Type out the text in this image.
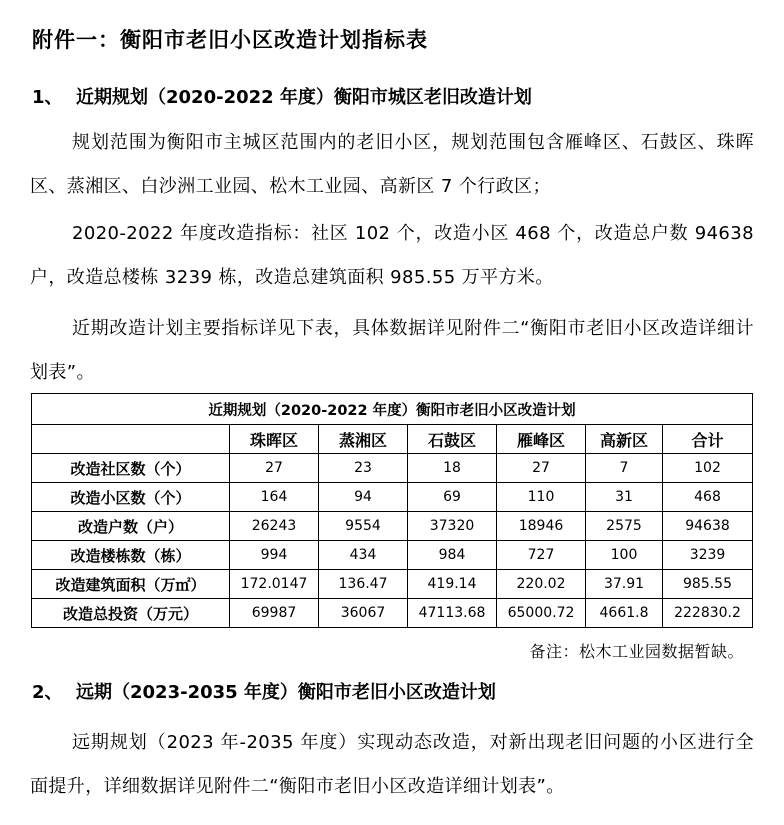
附件一：衡阳市老旧小区改造计划指标表
1、 近期规划（2020-2022 年度）衡阳市城区老旧改造计划
规划范围为衡阳市主城区范围内的老旧小区，规划范围包含雁峰区、石鼓区、珠晖区、蒸湘区、白沙洲工业园、松木工业园、高新区 7 个行政区；
2020-2022 年度改造指标：社区 102 个，改造小区 468 个，改造总户数 94638 户，改造总楼栋 3239 栋，改造总建筑面积 985.55 万平方米。
近期改造计划主要指标详见下表，具体数据详见附件二“衡阳市老旧小区改造详细计划表”。
近期规划（2020-2022 年度）衡阳市老旧小区改造计划						
	珠晖区	蒸湘区	石鼓区	雁峰区	高新区	合计
改造社区数（个）	27	23	18	27	7	102
改造小区数（个）	164	94	69	110	31	468
改造户数（户）	26243	9554	37320	18946	2575	94638
改造楼栋数（栋）	994	434	984	727	100	3239
改造建筑面积（万㎡）	172.0147	136.47	419.14	220.02	37.91	985.55
改造总投资（万元）	69987	36067	47113.68	65000.72	4661.8	222830.2
备注：松木工业园数据暂缺。
2、 远期（2023-2035 年度）衡阳市老旧小区改造计划
远期规划（2023 年-2035 年度）实现动态改造，对新出现老旧问题的小区进行全面提升，详细数据详见附件二“衡阳市老旧小区改造详细计划表”。
